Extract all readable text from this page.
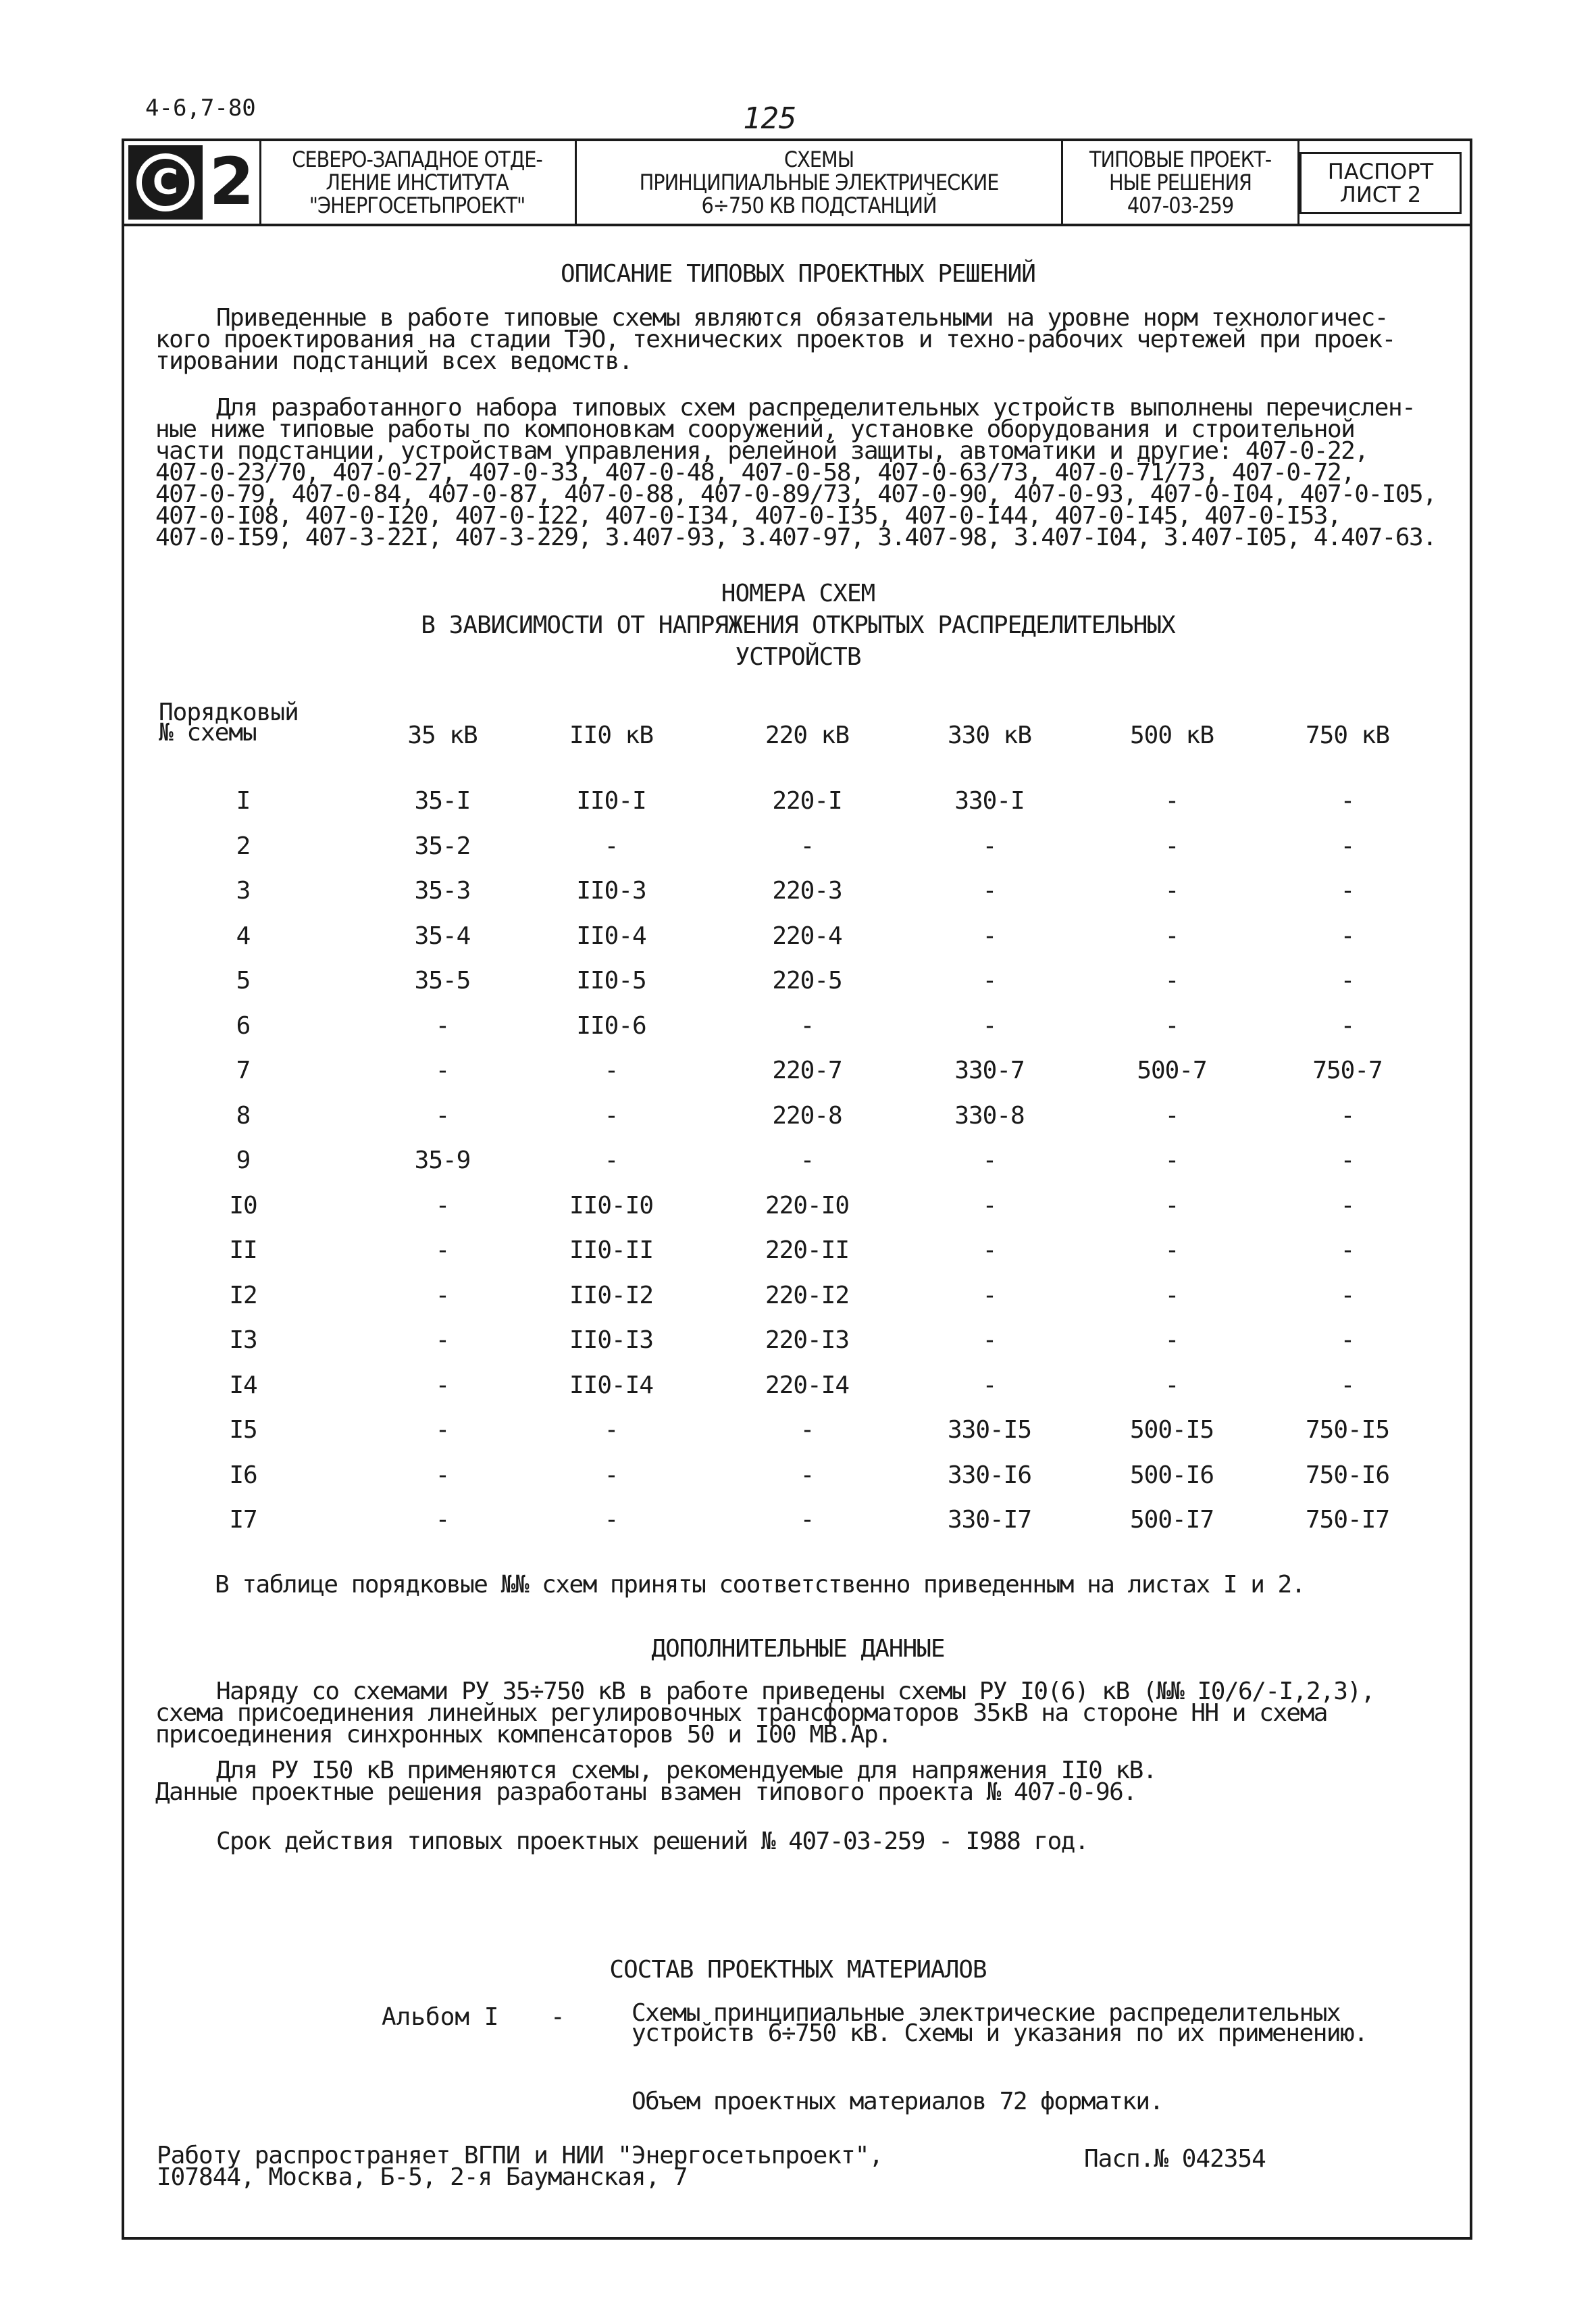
4-6,7-80	125
С 2 СЕВЕРО-ЗАПАДНОЕ ОТДЕ-
ЛЕНИЕ ИНСТИТУТА
"ЭНЕРГОСЕТЬПРОЕКТ"
СХЕМЫ
ПРИНЦИПИАЛЬНЫЕ ЭЛЕКТРИЧЕСКИЕ
6÷750 КВ ПОДСТАНЦИЙ
ТИПОВЫЕ ПРОЕКТ-
НЫЕ РЕШЕНИЯ
407-03-259
ПАСПОРТ
ЛИСТ 2
ОПИСАНИЕ ТИПОВЫХ ПРОЕКТНЫХ РЕШЕНИЙ
Приведенные в работе типовые схемы являются обязательными на уровне норм технологичес-
кого проектирования на стадии ТЭО, технических проектов и техно-рабочих чертежей при проек-
тировании подстанций всех ведомств.
Для разработанного набора типовых схем распределительных устройств выполнены перечислен-
ные ниже типовые работы по компоновкам сооружений, установке оборудования и строительной
части подстанции, устройствам управления, релейной защиты, автоматики и другие: 407-0-22,
407-0-23/70, 407-0-27, 407-0-33, 407-0-48, 407-0-58, 407-0-63/73, 407-0-71/73, 407-0-72,
407-0-79, 407-0-84, 407-0-87, 407-0-88, 407-0-89/73, 407-0-90, 407-0-93, 407-0-I04, 407-0-I05,
407-0-I08, 407-0-I20, 407-0-I22, 407-0-I34, 407-0-I35, 407-0-I44, 407-0-I45, 407-0-I53,
407-0-I59, 407-3-22I, 407-3-229, 3.407-93, 3.407-97, 3.407-98, 3.407-I04, 3.407-I05, 4.407-63.
НОМЕРА СХЕМ
В ЗАВИСИМОСТИ ОТ НАПРЯЖЕНИЯ ОТКРЫТЫХ РАСПРЕДЕЛИТЕЛЬНЫХ
УСТРОЙСТВ
Порядковый
№ схемы	35 кВ	II0 кВ	220 кВ	330 кВ	500 кВ	750 кВ
I	35-I	II0-I	220-I	330-I	-	-
2	35-2	-	-	-	-	-
3	35-3	II0-3	220-3	-	-	-
4	35-4	II0-4	220-4	-	-	-
5	35-5	II0-5	220-5	-	-	-
6	-	II0-6	-	-	-	-
7	-	-	220-7	330-7	500-7	750-7
8	-	-	220-8	330-8	-	-
9	35-9	-	-	-	-	-
I0	-	II0-I0	220-I0	-	-	-
II	-	II0-II	220-II	-	-	-
I2	-	II0-I2	220-I2	-	-	-
I3	-	II0-I3	220-I3	-	-	-
I4	-	II0-I4	220-I4	-	-	-
I5	-	-	-	330-I5	500-I5	750-I5
I6	-	-	-	330-I6	500-I6	750-I6
I7	-	-	-	330-I7	500-I7	750-I7
В таблице порядковые №№ схем приняты соответственно приведенным на листах I и 2.
ДОПОЛНИТЕЛЬНЫЕ ДАННЫЕ
Наряду со схемами РУ 35÷750 кВ в работе приведены схемы РУ I0(6) кВ (№№ I0/6/-I,2,3),
схема присоединения линейных регулировочных трансформаторов 35кВ на стороне НН и схема
присоединения синхронных компенсаторов 50 и I00 МВ.Ар.
Для РУ I50 кВ применяются схемы, рекомендуемые для напряжения II0 кВ.
Данные проектные решения разработаны взамен типового проекта № 407-0-96.
Срок действия типовых проектных решений № 407-03-259 - I988 год.
СОСТАВ ПРОЕКТНЫХ МАТЕРИАЛОВ
Альбом I -	Схемы принципиальные электрические распределительных
устройств 6÷750 кВ. Схемы и указания по их применению.
Объем проектных материалов 72 форматки.
Работу распространяет ВГПИ и НИИ "Энергосетьпроект",
I07844, Москва, Б-5, 2-я Бауманская, 7
Пасп.№ 042354
